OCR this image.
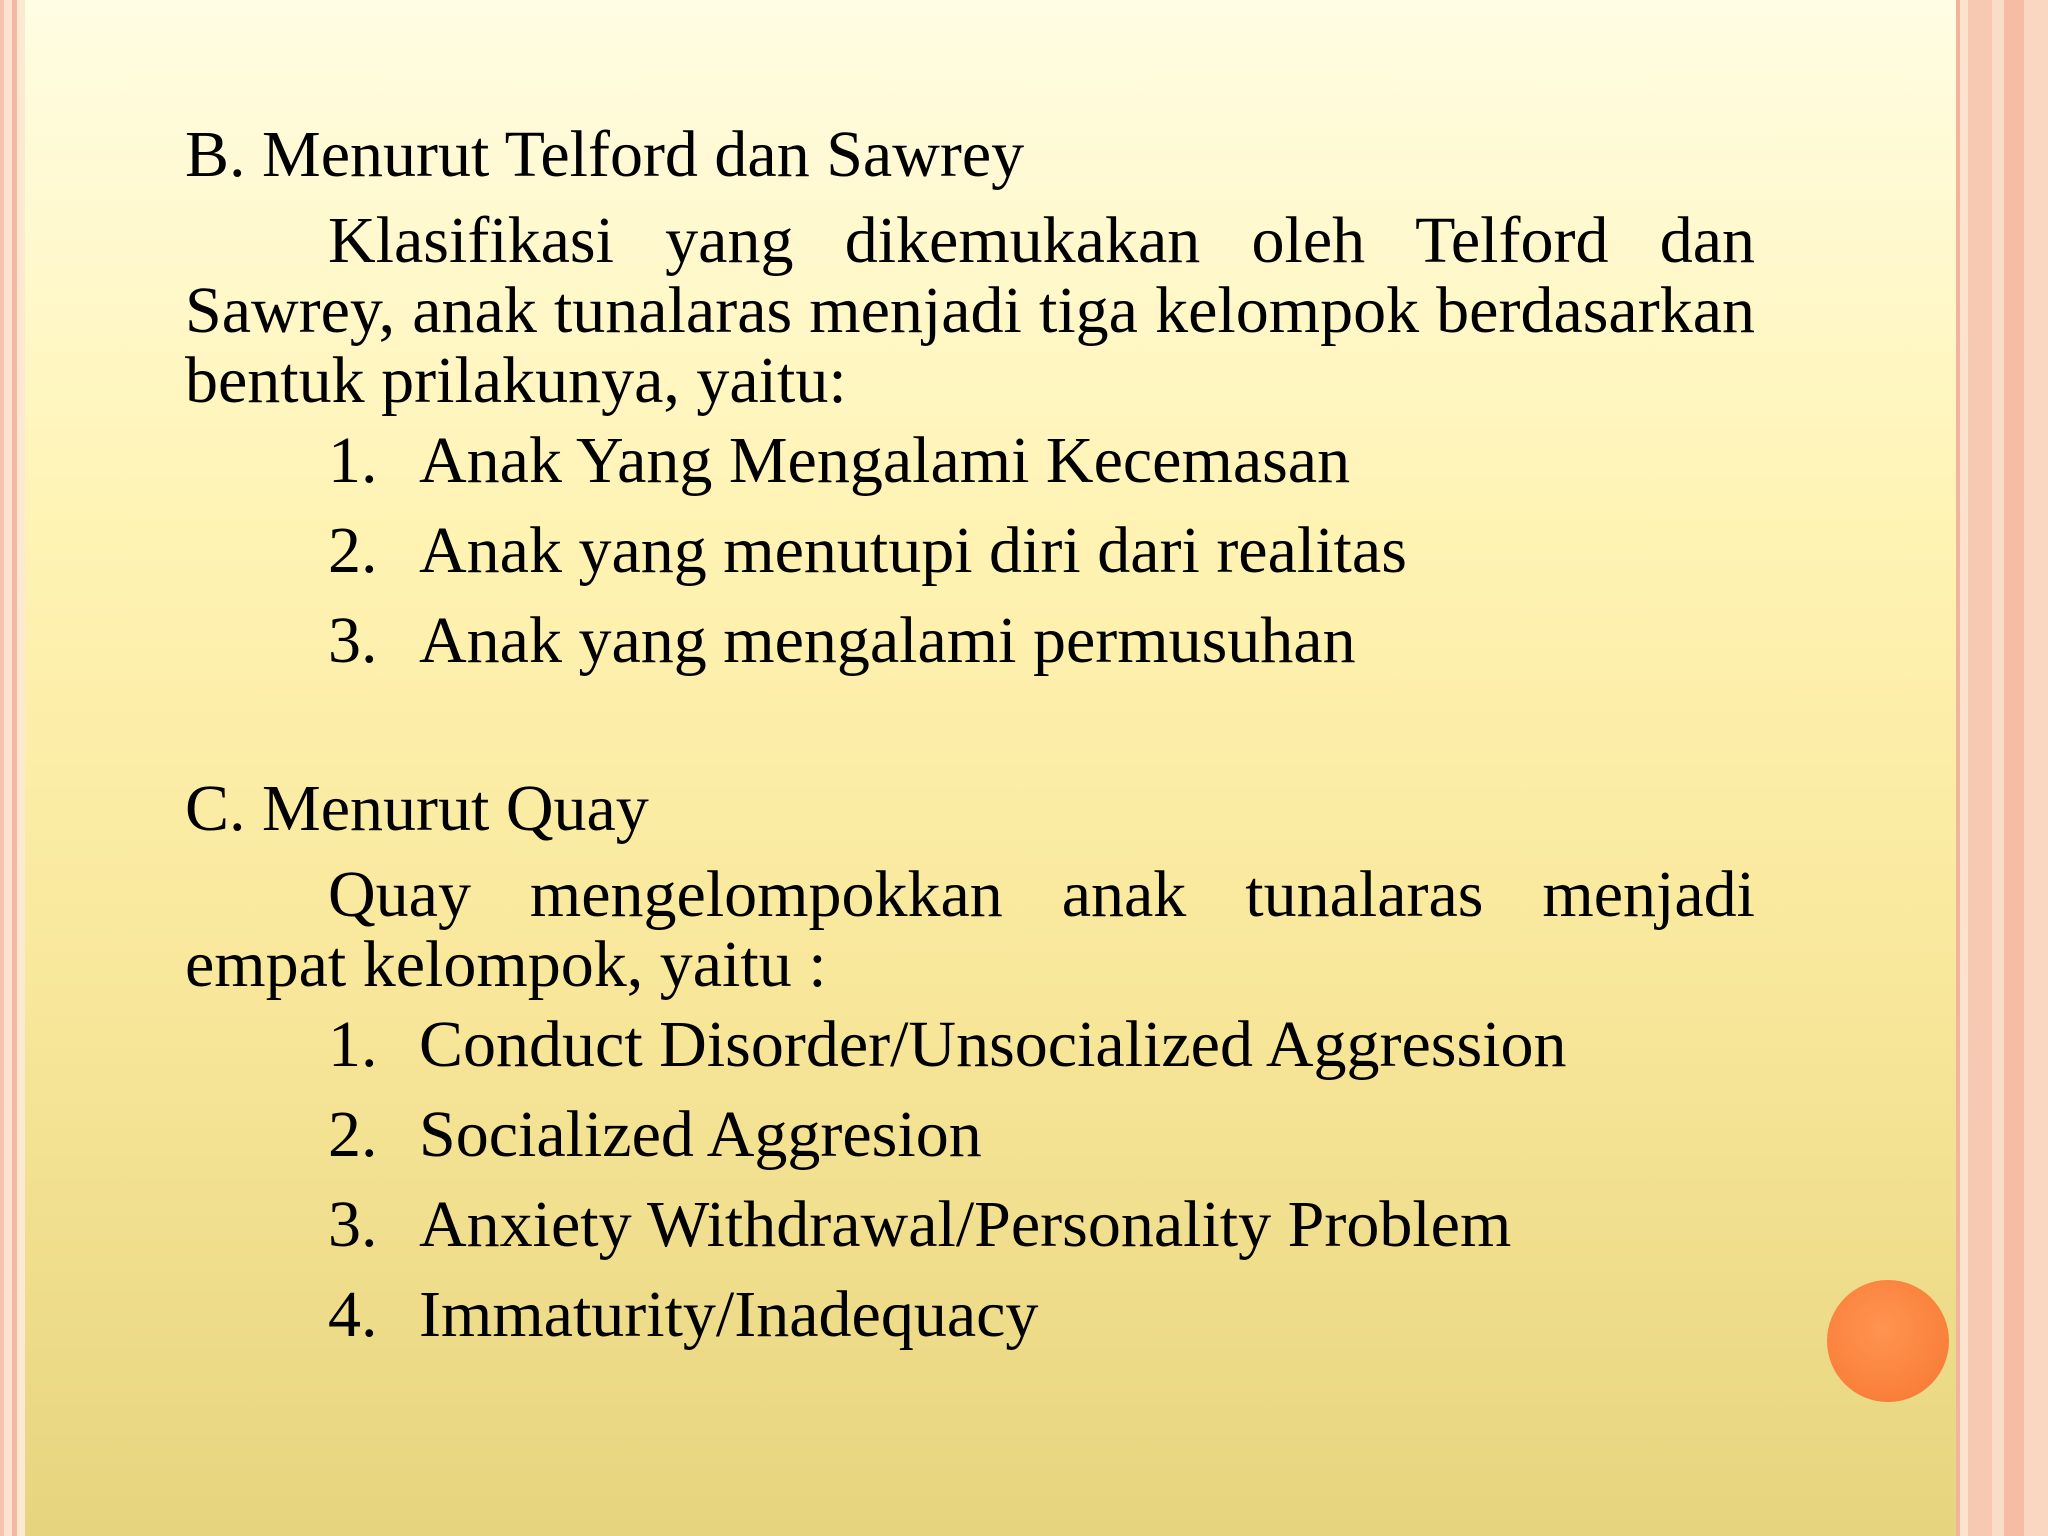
B. Menurut Telford dan Sawrey

Klasifikasi yang dikemukakan oleh Telford dan Sawrey, anak tunalaras menjadi tiga kelompok berdasarkan bentuk prilakunya, yaitu:

1. Anak Yang Mengalami Kecemasan
2. Anak yang menutupi diri dari realitas
3. Anak yang mengalami permusuhan

C. Menurut Quay

Quay mengelompokkan anak tunalaras menjadi empat kelompok, yaitu :

1. Conduct Disorder/Unsocialized Aggression
2. Socialized Aggresion
3. Anxiety Withdrawal/Personality Problem
4. Immaturity/Inadequacy
